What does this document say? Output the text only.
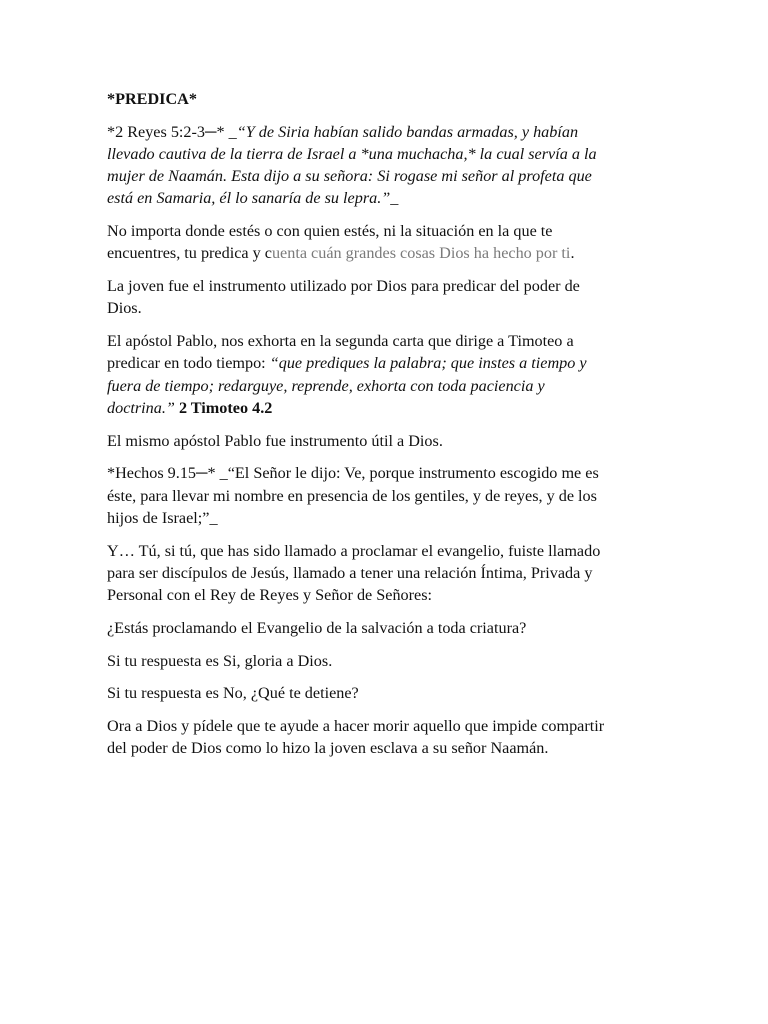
*PREDICA*

*2 Reyes 5:2-3─* _“Y de Siria habían salido bandas armadas, y habían
llevado cautiva de la tierra de Israel a *una muchacha,* la cual servía a la
mujer de Naamán. Esta dijo a su señora: Si rogase mi señor al profeta que
está en Samaria, él lo sanaría de su lepra.”_

No importa donde estés o con quien estés, ni la situación en la que te
encuentres, tu predica y cuenta cuán grandes cosas Dios ha hecho por ti.

La joven fue el instrumento utilizado por Dios para predicar del poder de
Dios.

El apóstol Pablo, nos exhorta en la segunda carta que dirige a Timoteo a
predicar en todo tiempo: “que prediques la palabra; que instes a tiempo y
fuera de tiempo; redarguye, reprende, exhorta con toda paciencia y
doctrina.” 2 Timoteo 4.2

El mismo apóstol Pablo fue instrumento útil a Dios.

*Hechos 9.15─* _“El Señor le dijo: Ve, porque instrumento escogido me es
éste, para llevar mi nombre en presencia de los gentiles, y de reyes, y de los
hijos de Israel;”_

Y… Tú, si tú, que has sido llamado a proclamar el evangelio, fuiste llamado
para ser discípulos de Jesús, llamado a tener una relación Íntima, Privada y
Personal con el Rey de Reyes y Señor de Señores:

¿Estás proclamando el Evangelio de la salvación a toda criatura?

Si tu respuesta es Si, gloria a Dios.

Si tu respuesta es No, ¿Qué te detiene?

Ora a Dios y pídele que te ayude a hacer morir aquello que impide compartir
del poder de Dios como lo hizo la joven esclava a su señor Naamán.
